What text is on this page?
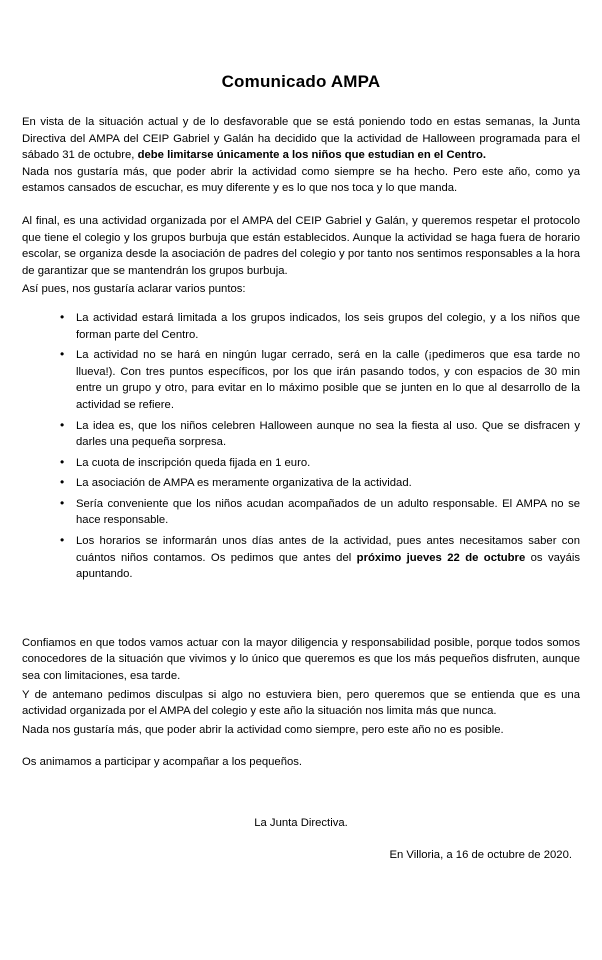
Comunicado AMPA

En vista de la situación actual y de lo desfavorable que se está poniendo todo en estas semanas, la Junta Directiva del AMPA del CEIP Gabriel y Galán ha decidido que la actividad de Halloween programada para el sábado 31 de octubre, debe limitarse únicamente a los niños que estudian en el Centro.

Nada nos gustaría más, que poder abrir la actividad como siempre se ha hecho. Pero este año, como ya estamos cansados de escuchar, es muy diferente y es lo que nos toca y lo que manda.

Al final, es una actividad organizada por el AMPA del CEIP Gabriel y Galán, y queremos respetar el protocolo que tiene el colegio y los grupos burbuja que están establecidos. Aunque la actividad se haga fuera de horario escolar, se organiza desde la asociación de padres del colegio y por tanto nos sentimos responsables a la hora de garantizar que se mantendrán los grupos burbuja.

Así pues, nos gustaría aclarar varios puntos:

• La actividad estará limitada a los grupos indicados, los seis grupos del colegio, y a los niños que forman parte del Centro.
• La actividad no se hará en ningún lugar cerrado, será en la calle (¡pedimeros que esa tarde no llueva!). Con tres puntos específicos, por los que irán pasando todos, y con espacios de 30 min entre un grupo y otro, para evitar en lo máximo posible que se junten en lo que al desarrollo de la actividad se refiere.
• La idea es, que los niños celebren Halloween aunque no sea la fiesta al uso. Que se disfracen y darles una pequeña sorpresa.
• La cuota de inscripción queda fijada en 1 euro.
• La asociación de AMPA es meramente organizativa de la actividad.
• Sería conveniente que los niños acudan acompañados de un adulto responsable. El AMPA no se hace responsable.
• Los horarios se informarán unos días antes de la actividad, pues antes necesitamos saber con cuántos niños contamos. Os pedimos que antes del próximo jueves 22 de octubre os vayáis apuntando.

Confiamos en que todos vamos actuar con la mayor diligencia y responsabilidad posible, porque todos somos conocedores de la situación que vivimos y lo único que queremos es que los más pequeños disfruten, aunque sea con limitaciones, esa tarde.

Y de antemano pedimos disculpas si algo no estuviera bien, pero queremos que se entienda que es una actividad organizada por el AMPA del colegio y este año la situación nos limita más que nunca.

Nada nos gustaría más, que poder abrir la actividad como siempre, pero este año no es posible.

Os animamos a participar y acompañar a los pequeños.

La Junta Directiva.
En Villoria, a 16 de octubre de 2020.
